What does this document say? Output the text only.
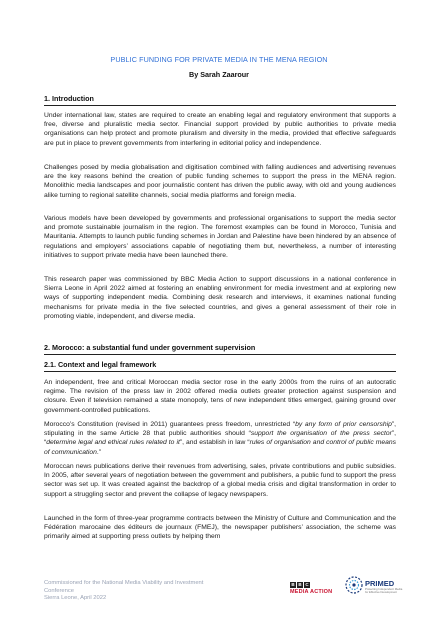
PUBLIC FUNDING FOR PRIVATE MEDIA IN THE MENA REGION
By Sarah Zaarour
1. Introduction

Under international law, states are required to create an enabling legal and regulatory environment that supports a free, diverse and pluralistic media sector. Financial support provided by public authorities to private media organisations can help protect and promote pluralism and diversity in the media, provided that effective safeguards are put in place to prevent governments from interfering in editorial policy and independence.

Challenges posed by media globalisation and digitisation combined with falling audiences and advertising revenues are the key reasons behind the creation of public funding schemes to support the press in the MENA region. Monolithic media landscapes and poor journalistic content has driven the public away, with old and young audiences alike turning to regional satellite channels, social media platforms and foreign media.

Various models have been developed by governments and professional organisations to support the media sector and promote sustainable journalism in the region. The foremost examples can be found in Morocco, Tunisia and Mauritania. Attempts to launch public funding schemes in Jordan and Palestine have been hindered by an absence of regulations and employers’ associations capable of negotiating them but, nevertheless, a number of interesting initiatives to support private media have been launched there.

This research paper was commissioned by BBC Media Action to support discussions in a national conference in Sierra Leone in April 2022 aimed at fostering an enabling environment for media investment and at exploring new ways of supporting independent media. Combining desk research and interviews, it examines national funding mechanisms for private media in the five selected countries, and gives a general assessment of their role in promoting viable, independent, and diverse media.

2. Morocco: a substantial fund under government supervision
2.1. Context and legal framework

An independent, free and critical Moroccan media sector rose in the early 2000s from the ruins of an autocratic regime. The revision of the press law in 2002 offered media outlets greater protection against suspension and closure. Even if television remained a state monopoly, tens of new independent titles emerged, gaining ground over government-controlled publications.

Morocco’s Constitution (revised in 2011) guarantees press freedom, unrestricted “by any form of prior censorship”, stipulating in the same Article 28 that public authorities should “support the organisation of the press sector”, “determine legal and ethical rules related to it”, and establish in law “rules of organisation and control of public means of communication.”

Moroccan news publications derive their revenues from advertising, sales, private contributions and public subsidies. In 2005, after several years of negotiation between the government and publishers, a public fund to support the press sector was set up. It was created against the backdrop of a global media crisis and digital transformation in order to support a struggling sector and prevent the collapse of legacy newspapers.

Launched in the form of three-year programme contracts between the Ministry of Culture and Communication and the Fédération marocaine des éditeurs de journaux (FMEJ), the newspaper publishers’ association, the scheme was primarily aimed at supporting press outlets by helping them

Commissioned for the National Media Viability and Investment Conference
Sierra Leone, April 2022
B B C
MEDIA ACTION
PRIMED
Protecting Independent Media for Effective Development
